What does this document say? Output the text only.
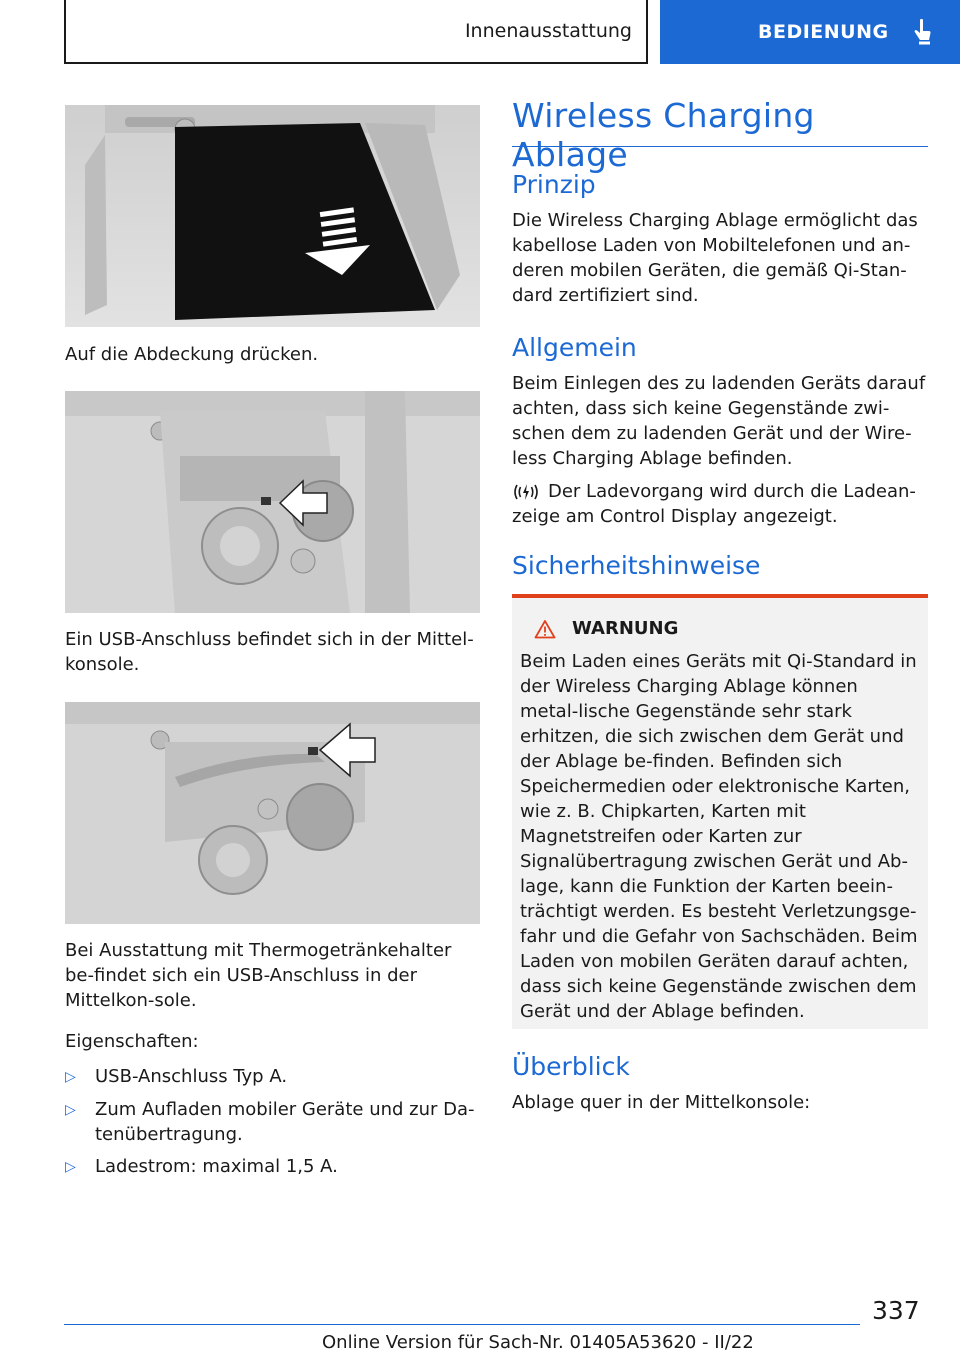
Innenausstattung	BEDIENUNG
Auf die Abdeckung drücken.
Ein USB-Anschluss befindet sich in der Mittel-konsole.
Bei Ausstattung mit Thermogetränkehalter be-findet sich ein USB-Anschluss in der Mittelkon-sole.
Eigenschaften:
▷	USB-Anschluss Typ A.
▷	Zum Aufladen mobiler Geräte und zur Da-tenübertragung.
▷	Ladestrom: maximal 1,5 A.
Wireless Charging Ablage
Prinzip
Die Wireless Charging Ablage ermöglicht das kabellose Laden von Mobiltelefonen und an-deren mobilen Geräten, die gemäß Qi-Stan-dard zertifiziert sind.
Allgemein
Beim Einlegen des zu ladenden Geräts darauf achten, dass sich keine Gegenstände zwi-schen dem zu ladenden Gerät und der Wire-less Charging Ablage befinden.
Der Ladevorgang wird durch die Ladean-zeige am Control Display angezeigt.
Sicherheitshinweise
WARNUNG
Beim Laden eines Geräts mit Qi-Standard in der Wireless Charging Ablage können metal-lische Gegenstände sehr stark erhitzen, die sich zwischen dem Gerät und der Ablage be-finden. Befinden sich Speichermedien oder elektronische Karten, wie z. B. Chipkarten, Karten mit Magnetstreifen oder Karten zur Signalübertragung zwischen Gerät und Ab-lage, kann die Funktion der Karten beein-trächtigt werden. Es besteht Verletzungsge-fahr und die Gefahr von Sachschäden. Beim Laden von mobilen Geräten darauf achten, dass sich keine Gegenstände zwischen dem Gerät und der Ablage befinden.
Überblick
Ablage quer in der Mittelkonsole:
337
Online Version für Sach-Nr. 01405A53620 - II/22
